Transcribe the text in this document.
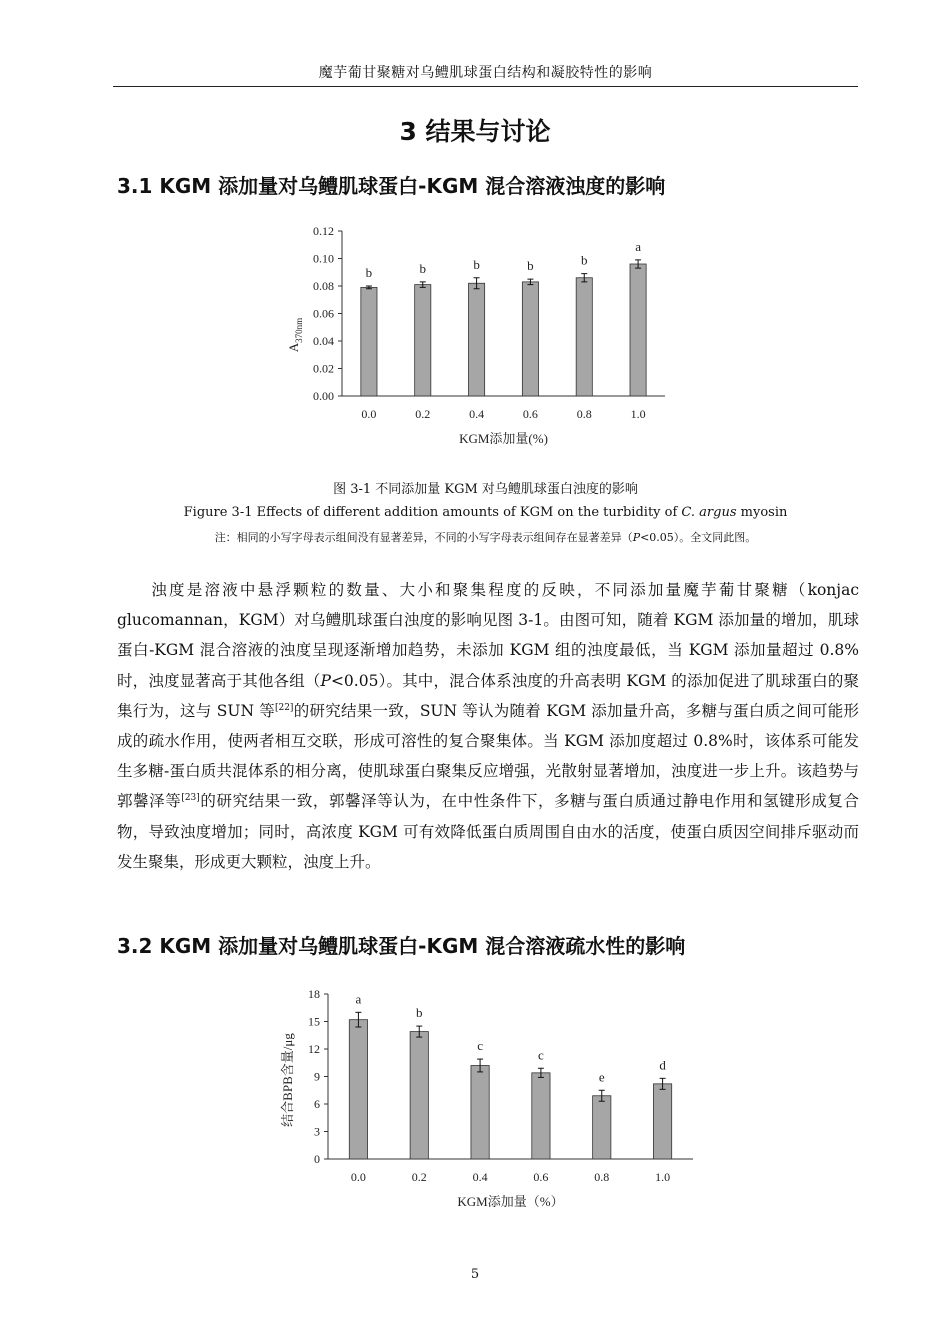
魔芋葡甘聚糖对乌鳢肌球蛋白结构和凝胶特性的影响
3 结果与讨论
3.1 KGM 添加量对乌鳢肌球蛋白-KGM 混合溶液浊度的影响
0.00
0.02
0.04
0.06
0.08
0.10
0.12
b
0.0
b
0.2
b
0.4
b
0.6
b
0.8
a
1.0
KGM添加量(%)
$A_{370nm}$
图 3-1 不同添加量 KGM 对乌鳢肌球蛋白浊度的影响
Figure 3-1 Effects of different addition amounts of KGM on the turbidity of C. argus myosin
注：相同的小写字母表示组间没有显著差异，不同的小写字母表示组间存在显著差异（P<0.05）。全文同此图。
浊度是溶液中悬浮颗粒的数量、大小和聚集程度的反映，不同添加量魔芋葡甘聚糖（konjac glucomannan，KGM）对乌鳢肌球蛋白浊度的影响见图 3-1。由图可知，随着 KGM 添加量的增加，肌球蛋白-KGM 混合溶液的浊度呈现逐渐增加趋势，未添加 KGM 组的浊度最低，当 KGM 添加量超过 0.8%时，浊度显著高于其他各组（P<0.05）。其中，混合体系浊度的升高表明 KGM 的添加促进了肌球蛋白的聚集行为，这与 SUN 等[22]的研究结果一致，SUN 等认为随着 KGM 添加量升高，多糖与蛋白质之间可能形成的疏水作用，使两者相互交联，形成可溶性的复合聚集体。当 KGM 添加度超过 0.8%时，该体系可能发生多糖-蛋白质共混体系的相分离，使肌球蛋白聚集反应增强，光散射显著增加，浊度进一步上升。该趋势与郭馨泽等[23]的研究结果一致，郭馨泽等认为，在中性条件下，多糖与蛋白质通过静电作用和氢键形成复合物，导致浊度增加；同时，高浓度 KGM 可有效降低蛋白质周围自由水的活度，使蛋白质因空间排斥驱动而发生聚集，形成更大颗粒，浊度上升。
3.2 KGM 添加量对乌鳢肌球蛋白-KGM 混合溶液疏水性的影响
0
3
6
9
12
15
18	a
0.0
b
0.2
c
0.4
c
0.6
e
0.8
d
1.0
KGM添加量（%）
结合BPB含量/μg
5
